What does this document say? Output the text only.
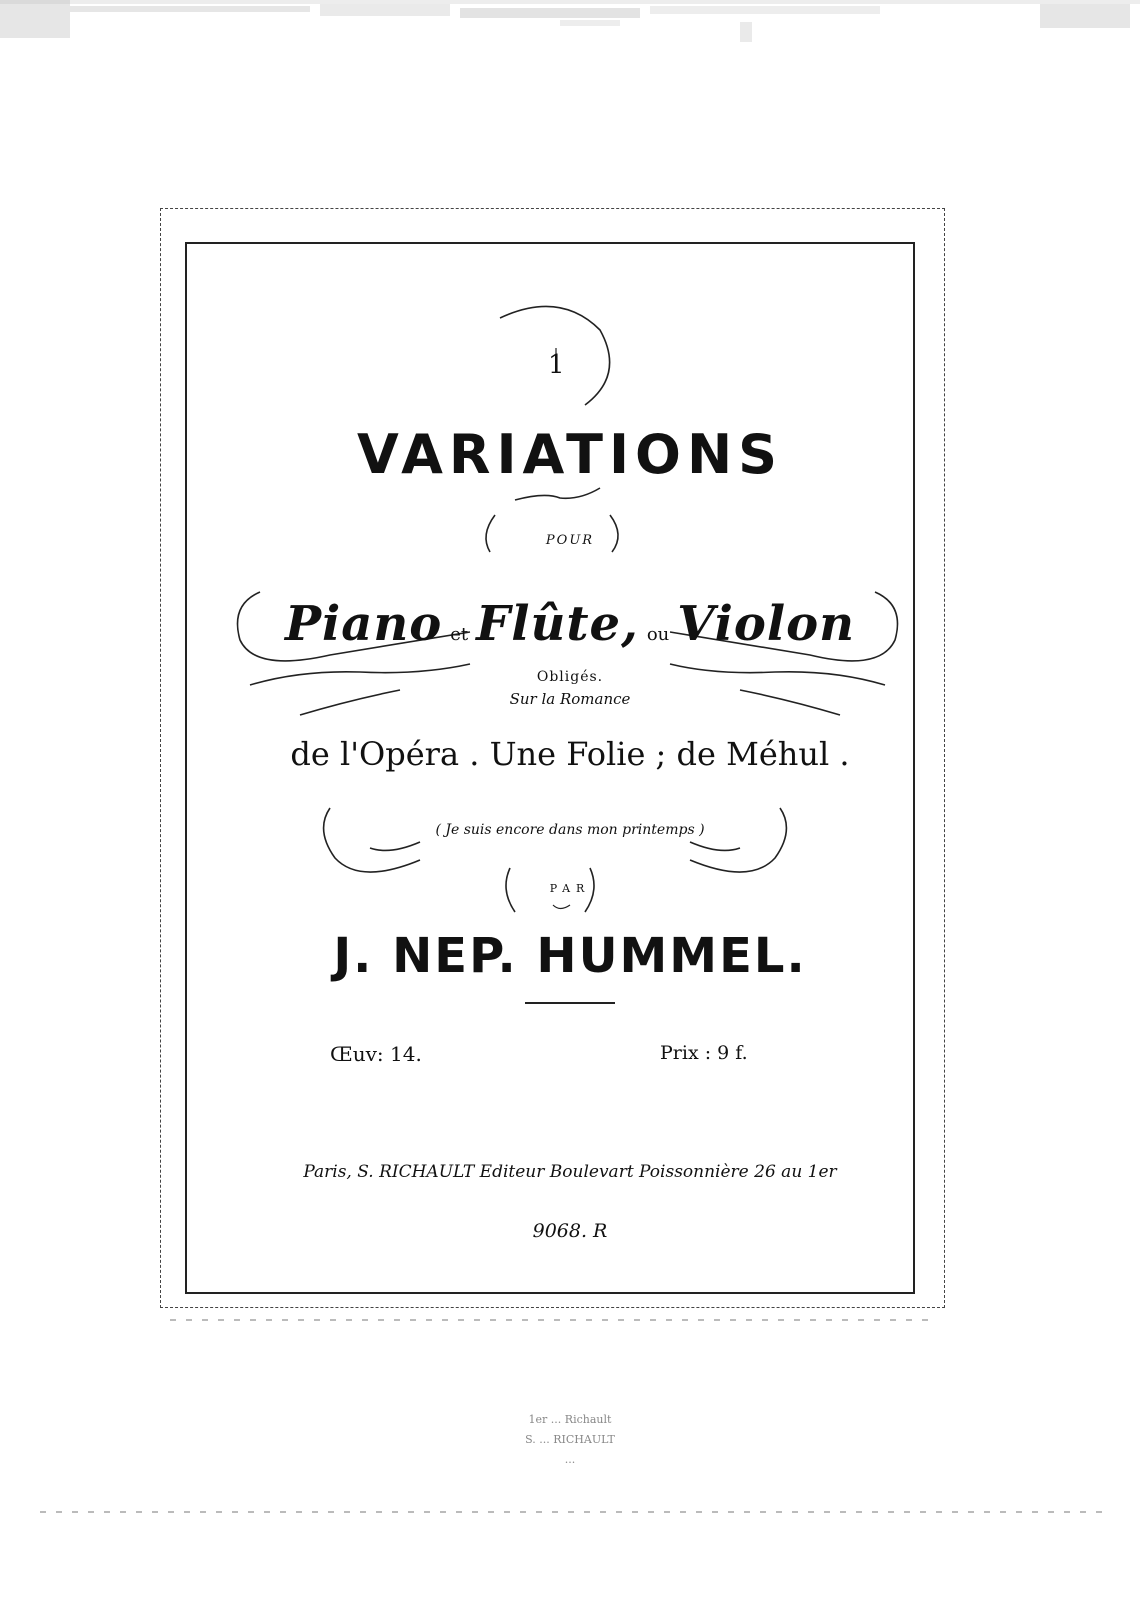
1
VARIATIONS
POUR
Piano et Flûte, ou Violon
Obligés.
Sur la Romance
de l'Opéra . Une Folie ; de Méhul .
( Je suis encore dans mon printemps )
PAR
J. NEP. HUMMEL.
Œuv: 14.	Prix : 9 f.
Paris, S. RICHAULT Editeur Boulevart Poissonnière 26 au 1er
9068. R
1er ... Richault
S. ... RICHAULT
...
